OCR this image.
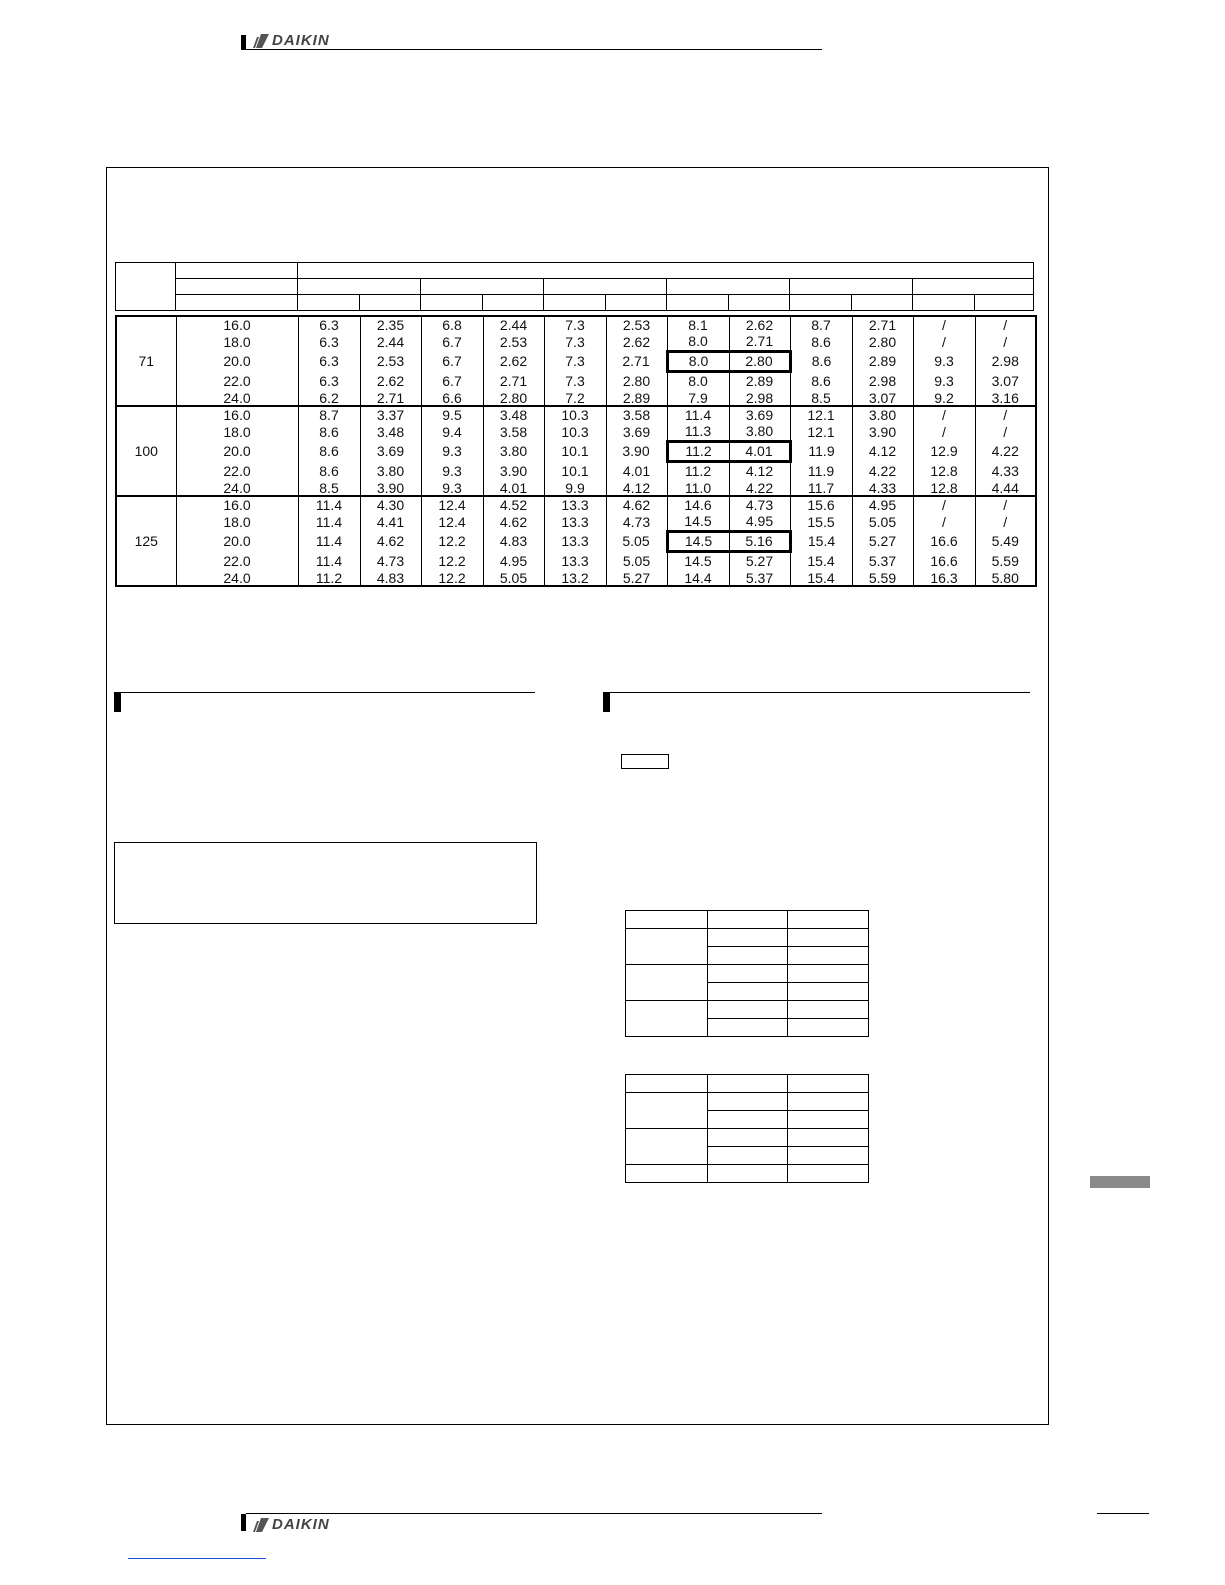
DAIKIN

71	16.0	6.3	2.35	6.8	2.44	7.3	2.53	8.1	2.62	8.7	2.71	/	/
	18.0	6.3	2.44	6.7	2.53	7.3	2.62	8.0	2.71	8.6	2.80	/	/
	20.0	6.3	2.53	6.7	2.62	7.3	2.71	8.0	2.80	8.6	2.89	9.3	2.98
	22.0	6.3	2.62	6.7	2.71	7.3	2.80	8.0	2.89	8.6	2.98	9.3	3.07
	24.0	6.2	2.71	6.6	2.80	7.2	2.89	7.9	2.98	8.5	3.07	9.2	3.16
100	16.0	8.7	3.37	9.5	3.48	10.3	3.58	11.4	3.69	12.1	3.80	/	/
	18.0	8.6	3.48	9.4	3.58	10.3	3.69	11.3	3.80	12.1	3.90	/	/
	20.0	8.6	3.69	9.3	3.80	10.1	3.90	11.2	4.01	11.9	4.12	12.9	4.22
	22.0	8.6	3.80	9.3	3.90	10.1	4.01	11.2	4.12	11.9	4.22	12.8	4.33
	24.0	8.5	3.90	9.3	4.01	9.9	4.12	11.0	4.22	11.7	4.33	12.8	4.44
125	16.0	11.4	4.30	12.4	4.52	13.3	4.62	14.6	4.73	15.6	4.95	/	/
	18.0	11.4	4.41	12.4	4.62	13.3	4.73	14.5	4.95	15.5	5.05	/	/
	20.0	11.4	4.62	12.2	4.83	13.3	5.05	14.5	5.16	15.4	5.27	16.6	5.49
	22.0	11.4	4.73	12.2	4.95	13.3	5.05	14.5	5.27	15.4	5.37	16.6	5.59
	24.0	11.2	4.83	12.2	5.05	13.2	5.27	14.4	5.37	15.4	5.59	16.3	5.80

DAIKIN
